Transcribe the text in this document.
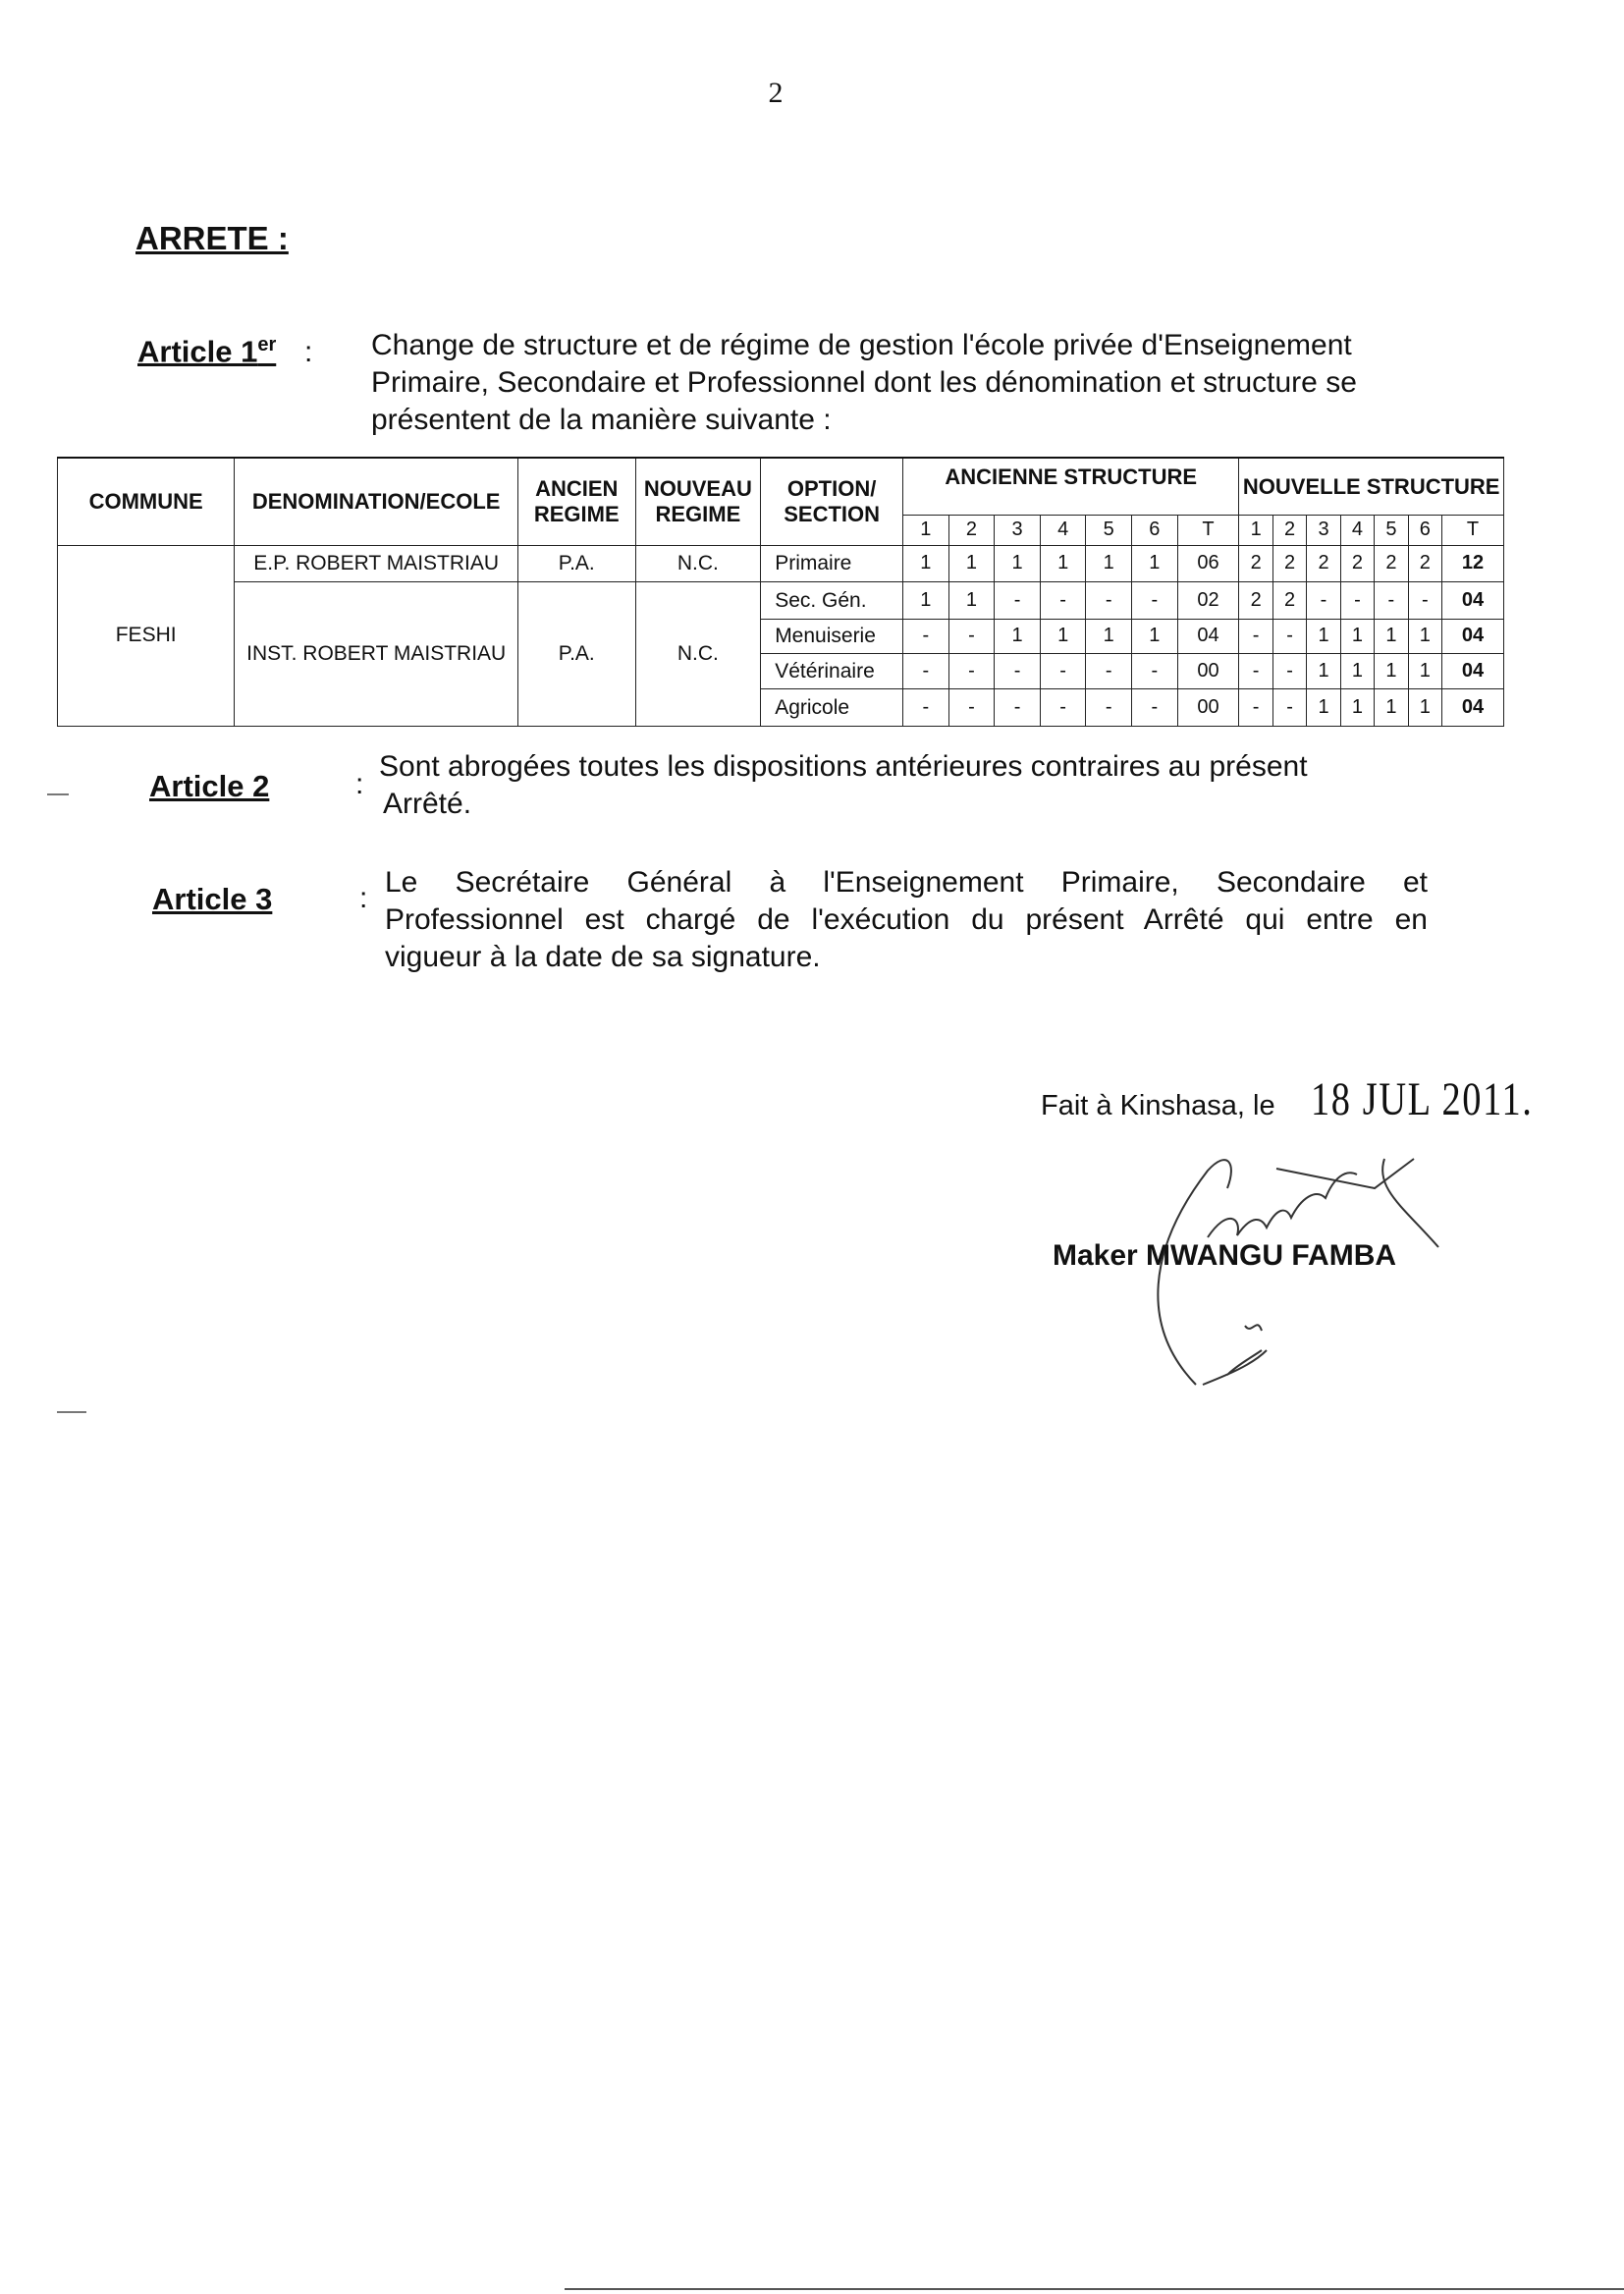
2
ARRETE :
Article 1er : Change de structure et de régime de gestion l'école privée d'Enseignement
Primaire, Secondaire et Professionnel dont les dénomination et structure se
présentent de la manière suivante :
COMMUNE	DENOMINATION/ECOLE	ANCIEN REGIME	NOUVEAU REGIME	OPTION/ SECTION	ANCIENNE STRUCTURE							NOUVELLE STRUCTURE						
					1	2	3	4	5	6	T	1	2	3	4	5	6	T
FESHI	E.P. ROBERT MAISTRIAU	P.A.	N.C.	Primaire	1	1	1	1	1	1	06	2	2	2	2	2	2	12
	INST. ROBERT MAISTRIAU	P.A.	N.C.	Sec. Gén.	1	1	-	-	-	-	02	2	2	-	-	-	-	04
				Menuiserie	-	-	1	1	1	1	04	-	-	1	1	1	1	04
				Vétérinaire	-	-	-	-	-	-	00	-	-	1	1	1	1	04
				Agricole	-	-	-	-	-	-	00	-	-	1	1	1	1	04
Article 2	:
Sont abrogées toutes les dispositions antérieures contraires au présent
Arrêté.
Article 3	: Le Secrétaire Général à l'Enseignement Primaire, Secondaire et

Professionnel est chargé de l'exécution du présent Arrêté qui entre en

vigueur à la date de sa signature.

Fait à Kinshasa, le 18 JUL 2011.
Maker MWANGU FAMBA
